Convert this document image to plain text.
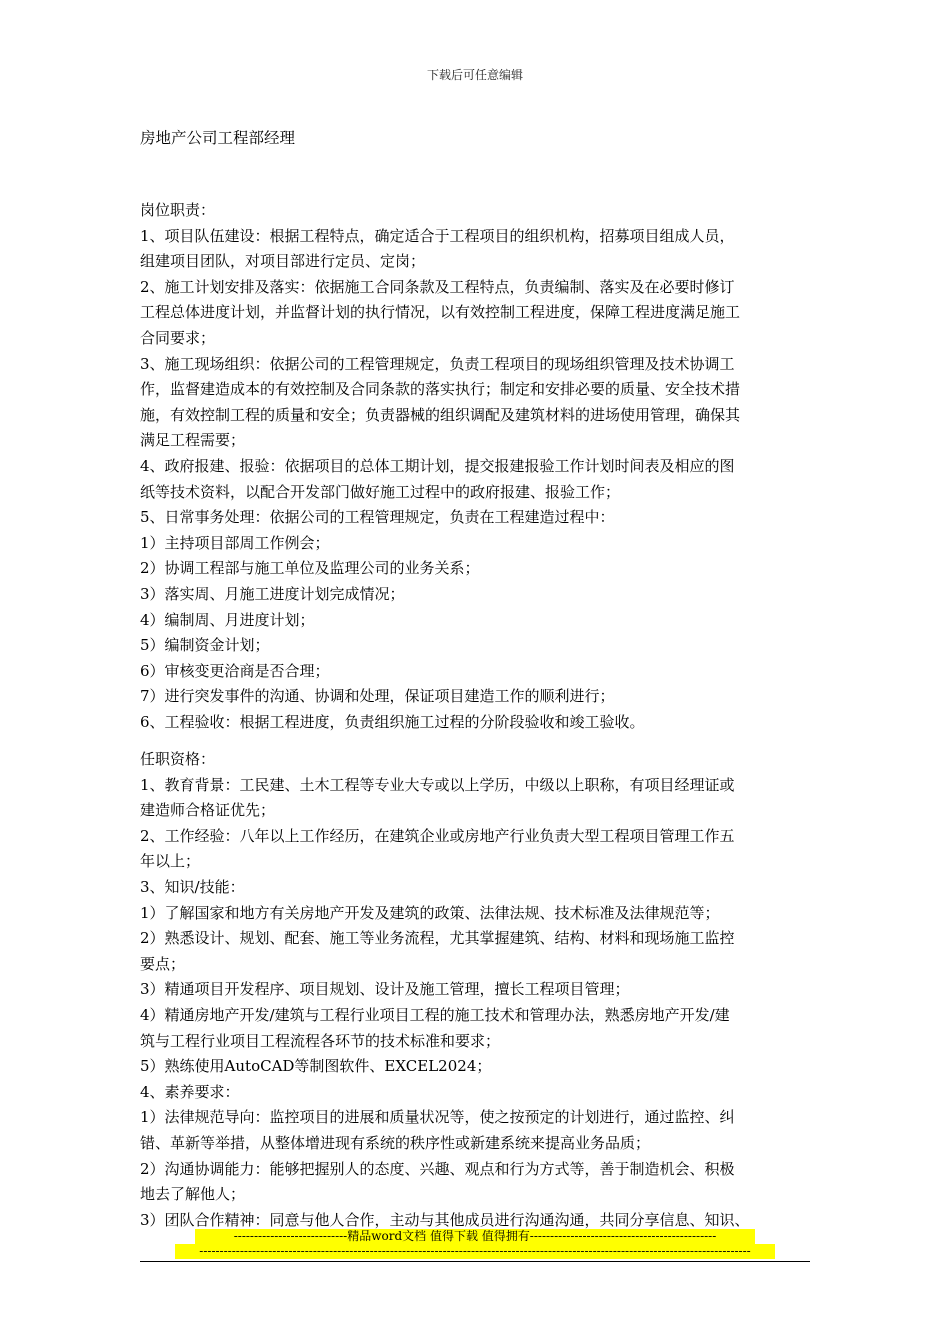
下载后可任意编辑
房地产公司工程部经理

岗位职责：

1、项目队伍建设：根据工程特点，确定适合于工程项目的组织机构，招募项目组成人员，

组建项目团队，对项目部进行定员、定岗；

2、施工计划安排及落实：依据施工合同条款及工程特点，负责编制、落实及在必要时修订

工程总体进度计划，并监督计划的执行情况，以有效控制工程进度，保障工程进度满足施工

合同要求；

3、施工现场组织：依据公司的工程管理规定，负责工程项目的现场组织管理及技术协调工

作，监督建造成本的有效控制及合同条款的落实执行；制定和安排必要的质量、安全技术措

施，有效控制工程的质量和安全；负责器械的组织调配及建筑材料的进场使用管理，确保其

满足工程需要；

4、政府报建、报验：依据项目的总体工期计划，提交报建报验工作计划时间表及相应的图

纸等技术资料，以配合开发部门做好施工过程中的政府报建、报验工作；

5、日常事务处理：依据公司的工程管理规定，负责在工程建造过程中：

1）主持项目部周工作例会；

2）协调工程部与施工单位及监理公司的业务关系；

3）落实周、月施工进度计划完成情况；

4）编制周、月进度计划；

5）编制资金计划；

6）审核变更洽商是否合理；

7）进行突发事件的沟通、协调和处理，保证项目建造工作的顺利进行；

6、工程验收：根据工程进度，负责组织施工过程的分阶段验收和竣工验收。

任职资格：

1、教育背景：工民建、土木工程等专业大专或以上学历，中级以上职称，有项目经理证或

建造师合格证优先；

2、工作经验：八年以上工作经历，在建筑企业或房地产行业负责大型工程项目管理工作五

年以上；

3、知识/技能：

1）了解国家和地方有关房地产开发及建筑的政策、法律法规、技术标准及法律规范等；

2）熟悉设计、规划、配套、施工等业务流程，尤其掌握建筑、结构、材料和现场施工监控

要点；

3）精通项目开发程序、项目规划、设计及施工管理，擅长工程项目管理；

4）精通房地产开发/建筑与工程行业项目工程的施工技术和管理办法，熟悉房地产开发/建

筑与工程行业项目工程流程各环节的技术标准和要求；

5）熟练使用AutoCAD等制图软件、EXCEL2024；

4、素养要求：

1）法律规范导向：监控项目的进展和质量状况等，使之按预定的计划进行，通过监控、纠

错、革新等举措，从整体增进现有系统的秩序性或新建系统来提高业务品质；

2）沟通协调能力：能够把握别人的态度、兴趣、观点和行为方式等，善于制造机会、积极

地去了解他人；

3）团队合作精神：同意与他人合作，主动与其他成员进行沟通沟通，共同分享信息、知识、

----------------------------精品word文档 值得下载 值得拥有----------------------------------------------
----------------------------------------------------------------------------------------------------------------------------------------
